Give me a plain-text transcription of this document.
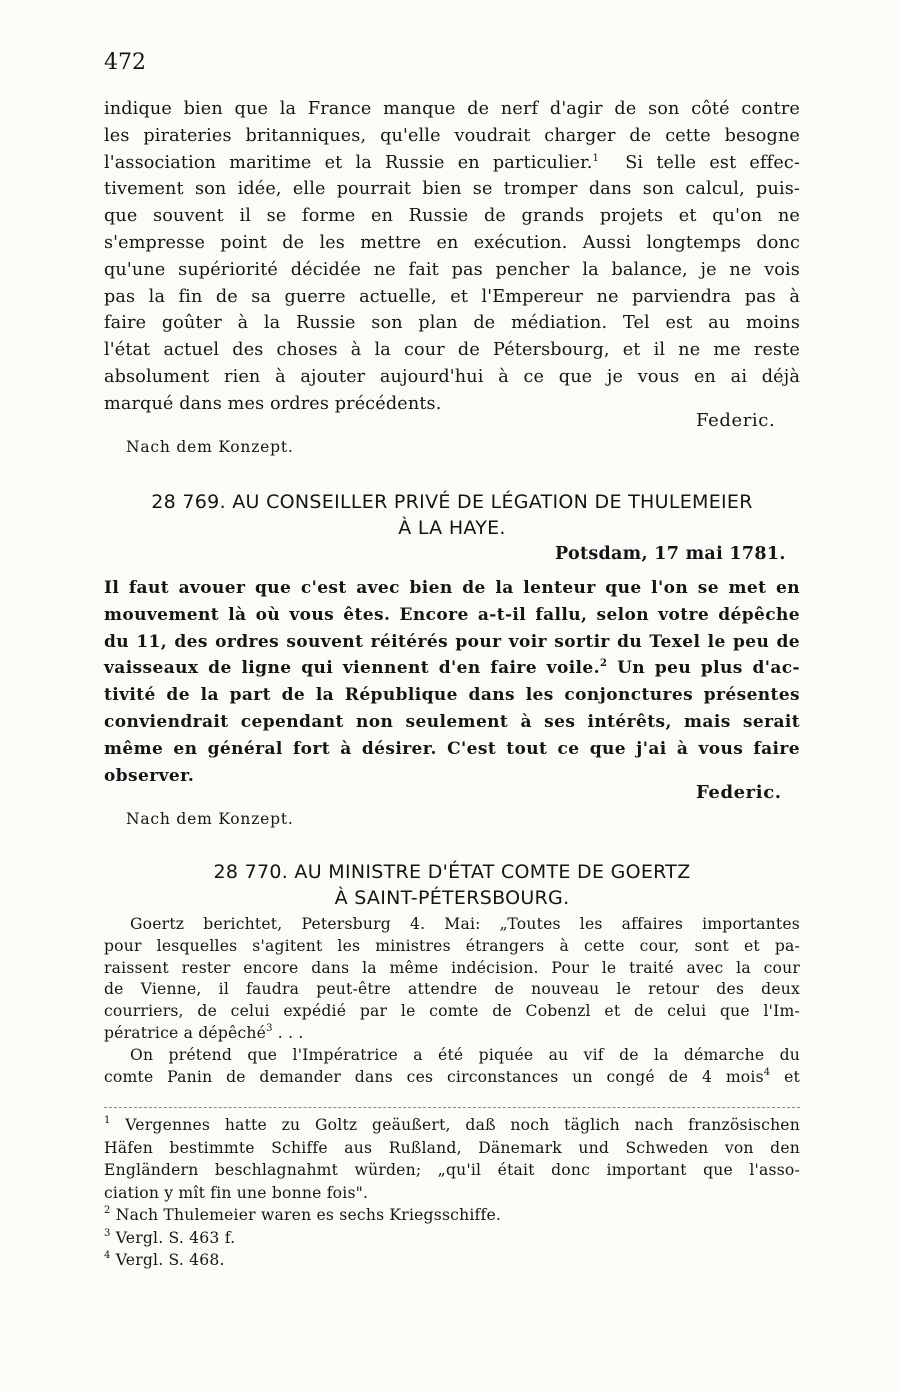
472
indique bien que la France manque de nerf d'agir de son côté contre
les pirateries britanniques, qu'elle voudrait charger de cette besogne
l'association maritime et la Russie en particulier.$^1$ Si telle est effec-
tivement son idée, elle pourrait bien se tromper dans son calcul, puis-
que souvent il se forme en Russie de grands projets et qu'on ne
s'empresse point de les mettre en exécution. Aussi longtemps donc
qu'une supériorité décidée ne fait pas pencher la balance, je ne vois
pas la fin de sa guerre actuelle, et l'Empereur ne parviendra pas à
faire goûter à la Russie son plan de médiation. Tel est au moins
l'état actuel des choses à la cour de Pétersbourg, et il ne me reste
absolument rien à ajouter aujourd'hui à ce que je vous en ai déjà
marqué dans mes ordres précédents.
Federic.
Nach dem Konzept.
28 769. AU CONSEILLER PRIVÉ DE LÉGATION DE THULEMEIER
À LA HAYE.
Potsdam, 17 mai 1781.
Il faut avouer que c'est avec bien de la lenteur que l'on se met en
mouvement là où vous êtes. Encore a-t-il fallu, selon votre dépêche
du 11, des ordres souvent réitérés pour voir sortir du Texel le peu de
vaisseaux de ligne qui viennent d'en faire voile.$^2$ Un peu plus d'ac-
tivité de la part de la République dans les conjonctures présentes
conviendrait cependant non seulement à ses intérêts, mais serait
même en général fort à désirer. C'est tout ce que j'ai à vous faire
observer.
Federic.
Nach dem Konzept.
28 770. AU MINISTRE D'ÉTAT COMTE DE GOERTZ
À SAINT-PÉTERSBOURG.
Goertz berichtet, Petersburg 4. Mai: „Toutes les affaires importantes
pour lesquelles s'agitent les ministres étrangers à cette cour, sont et pa-
raissent rester encore dans la même indécision. Pour le traité avec la cour
de Vienne, il faudra peut-être attendre de nouveau le retour des deux
courriers, de celui expédié par le comte de Cobenzl et de celui que l'Im-
pératrice a dépêché$^3$ . . .
On prétend que l'Impératrice a été piquée au vif de la démarche du
comte Panin de demander dans ces circonstances un congé de 4 mois$^4$ et
$^1$ Vergennes hatte zu Goltz geäußert, daß noch täglich nach französischen
Häfen bestimmte Schiffe aus Rußland, Dänemark und Schweden von den
Engländern beschlagnahmt würden; „qu'il était donc important que l'asso-
ciation y mît fin une bonne fois".
$^2$ Nach Thulemeier waren es sechs Kriegsschiffe.
$^3$ Vergl. S. 463 f.
$^4$ Vergl. S. 468.
